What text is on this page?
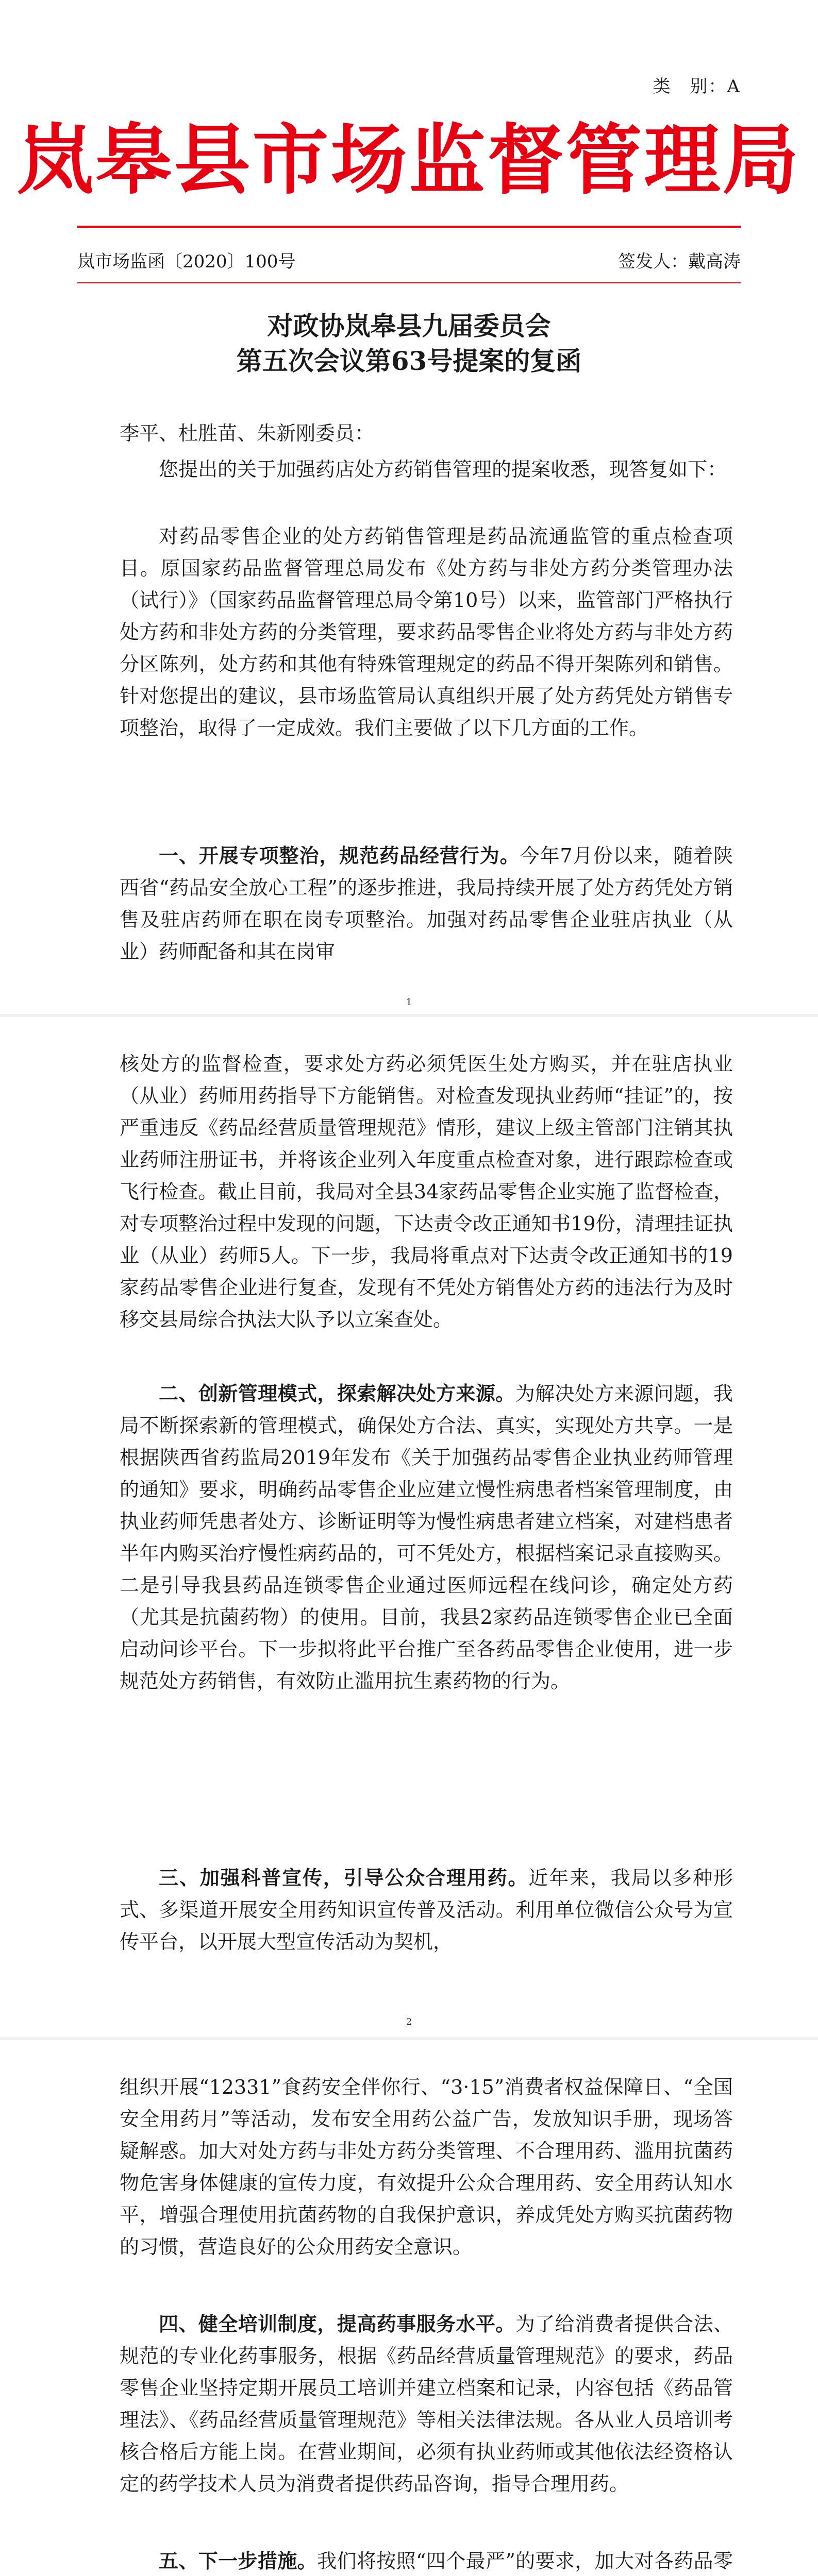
类　别：A
岚皋县市场监督管理局
岚市场监函〔2020〕100号	签发人：戴高涛
对政协岚皋县九届委员会
第五次会议第63号提案的复函
李平、杜胜苗、朱新刚委员：

您提出的关于加强药店处方药销售管理的提案收悉，现答复如下：

对药品零售企业的处方药销售管理是药品流通监管的重点检查项目。原国家药品监督管理总局发布《处方药与非处方药分类管理办法（试行）》（国家药品监督管理总局令第10号）以来，监管部门严格执行处方药和非处方药的分类管理，要求药品零售企业将处方药与非处方药分区陈列，处方药和其他有特殊管理规定的药品不得开架陈列和销售。针对您提出的建议，县市场监管局认真组织开展了处方药凭处方销售专项整治，取得了一定成效。我们主要做了以下几方面的工作。

一、开展专项整治，规范药品经营行为。今年7月份以来，随着陕西省“药品安全放心工程”的逐步推进，我局持续开展了处方药凭处方销售及驻店药师在职在岗专项整治。加强对药品零售企业驻店执业（从业）药师配备和其在岗审

1

核处方的监督检查，要求处方药必须凭医生处方购买，并在驻店执业（从业）药师用药指导下方能销售。对检查发现执业药师“挂证”的，按严重违反《药品经营质量管理规范》情形，建议上级主管部门注销其执业药师注册证书，并将该企业列入年度重点检查对象，进行跟踪检查或飞行检查。截止目前，我局对全县34家药品零售企业实施了监督检查，对专项整治过程中发现的问题，下达责令改正通知书19份，清理挂证执业（从业）药师5人。下一步，我局将重点对下达责令改正通知书的19家药品零售企业进行复查，发现有不凭处方销售处方药的违法行为及时移交县局综合执法大队予以立案查处。

二、创新管理模式，探索解决处方来源。为解决处方来源问题，我局不断探索新的管理模式，确保处方合法、真实，实现处方共享。一是根据陕西省药监局2019年发布《关于加强药品零售企业执业药师管理的通知》要求，明确药品零售企业应建立慢性病患者档案管理制度，由执业药师凭患者处方、诊断证明等为慢性病患者建立档案，对建档患者半年内购买治疗慢性病药品的，可不凭处方，根据档案记录直接购买。二是引导我县药品连锁零售企业通过医师远程在线问诊，确定处方药（尤其是抗菌药物）的使用。目前，我县2家药品连锁零售企业已全面启动问诊平台。下一步拟将此平台推广至各药品零售企业使用，进一步规范处方药销售，有效防止滥用抗生素药物的行为。

三、加强科普宣传，引导公众合理用药。近年来，我局以多种形式、多渠道开展安全用药知识宣传普及活动。利用单位微信公众号为宣传平台，以开展大型宣传活动为契机，

2

组织开展“12331”食药安全伴你行、“3·15”消费者权益保障日、“全国安全用药月”等活动，发布安全用药公益广告，发放知识手册，现场答疑解惑。加大对处方药与非处方药分类管理、不合理用药、滥用抗菌药物危害身体健康的宣传力度，有效提升公众合理用药、安全用药认知水平，增强合理使用抗菌药物的自我保护意识，养成凭处方购买抗菌药物的习惯，营造良好的公众用药安全意识。

四、健全培训制度，提高药事服务水平。为了给消费者提供合法、规范的专业化药事服务，根据《药品经营质量管理规范》的要求，药品零售企业坚持定期开展员工培训并建立档案和记录，内容包括《药品管理法》、《药品经营质量管理规范》等相关法律法规。各从业人员培训考核合格后方能上岗。在营业期间，必须有执业药师或其他依法经资格认定的药学技术人员为消费者提供药品咨询，指导合理用药。

五、下一步措施。我们将按照“四个最严”的要求，加大对各药品零
